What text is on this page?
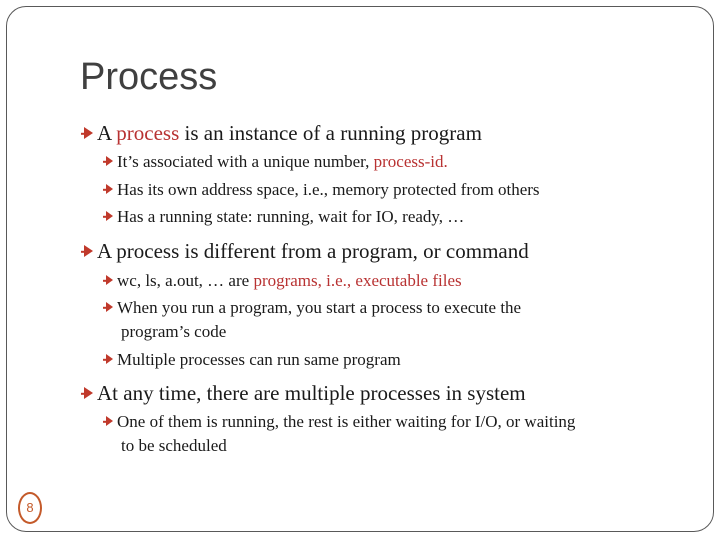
Process
A process is an instance of a running program
It’s associated with a unique number, process-id.
Has its own address space, i.e., memory protected from others
Has a running state: running, wait for IO, ready, …
A process is different from a program, or command
wc, ls, a.out, … are programs, i.e., executable files
When you run a program, you start a process to execute the
program’s code
Multiple processes can run same program
At any time, there are multiple processes in system
One of them is running, the rest is either waiting for I/O, or waiting
to be scheduled
8
